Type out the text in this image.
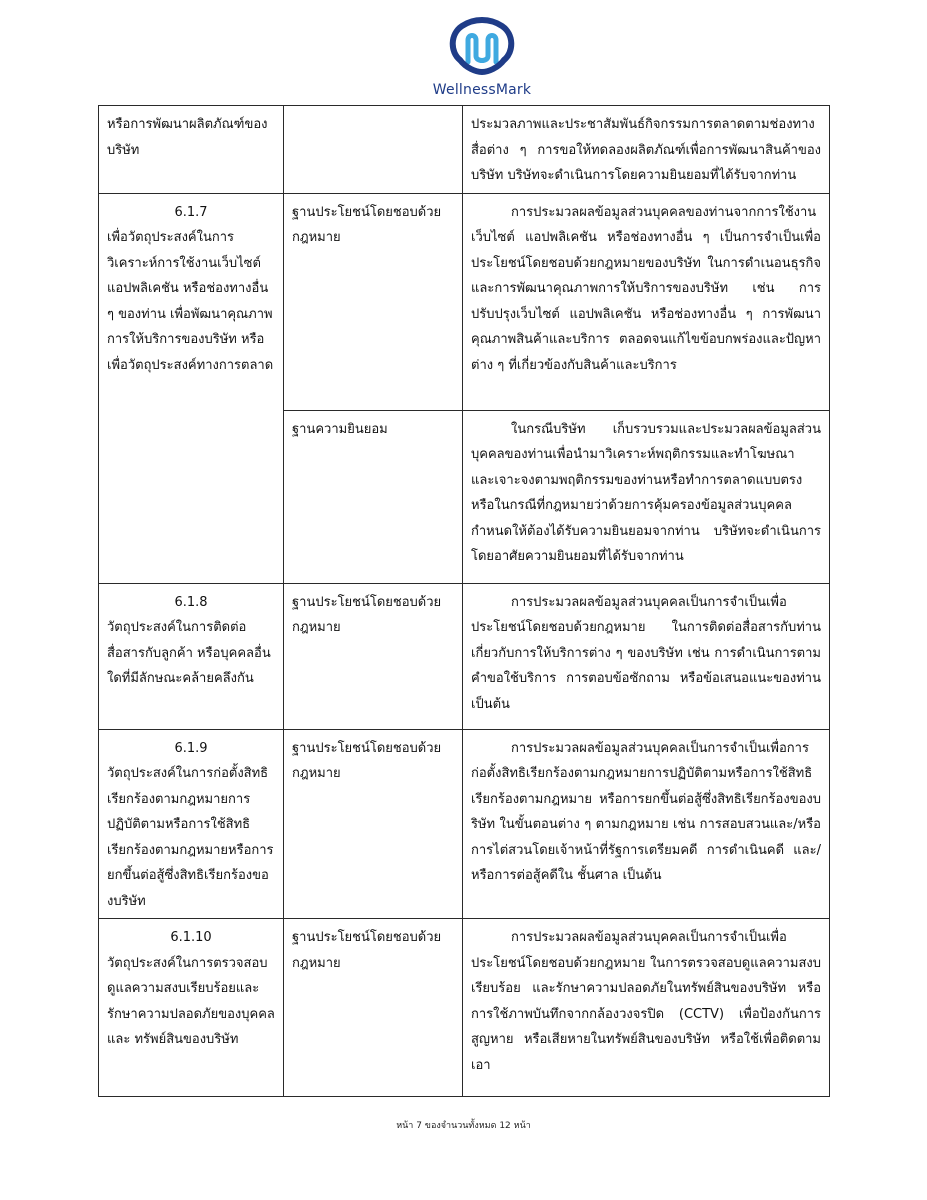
WellnessMark
หรือการพัฒนาผลิตภัณฑ์ของบริษัท		ประมวลภาพและประชาสัมพันธ์กิจกรรมการตลาดตามช่องทางสื่อต่าง ๆ การขอให้ทดลองผลิตภัณฑ์เพื่อการพัฒนาสินค้าของบริษัท บริษัทจะดำเนินการโดยความยินยอมที่ได้รับจากท่าน

6.1.7
เพื่อวัตถุประสงค์ในการวิเคราะห์การใช้งานเว็บไซต์ แอปพลิเคชัน หรือช่องทางอื่น ๆ ของท่าน เพื่อพัฒนาคุณภาพการให้บริการของบริษัท หรือเพื่อวัตถุประสงค์ทางการตลาด	ฐานประโยชน์โดยชอบด้วยกฎหมาย	การประมวลผลข้อมูลส่วนบุคคลของท่านจากการใช้งานเว็บไซต์ แอปพลิเคชัน หรือช่องทางอื่น ๆ เป็นการจำเป็นเพื่อประโยชน์โดยชอบด้วยกฎหมายของบริษัท ในการดำเนอนธุรกิจและการพัฒนาคุณภาพการให้บริการของบริษัท เช่น การปรับปรุงเว็บไซต์ แอปพลิเคชัน หรือช่องทางอื่น ๆ การพัฒนาคุณภาพสินค้าและบริการ ตลอดจนแก้ไขข้อบกพร่องและปัญหาต่าง ๆ ที่เกี่ยวข้องกับสินค้าและบริการ

	ฐานความยินยอม	ในกรณีบริษัท เก็บรวบรวมและประมวลผลข้อมูลส่วนบุคคลของท่านเพื่อนำมาวิเคราะห์พฤติกรรมและทำโฆษณา และเจาะจงตามพฤติกรรมของท่านหรือทำการตลาดแบบตรง หรือในกรณีที่กฎหมายว่าด้วยการคุ้มครองข้อมูลส่วนบุคคลกำหนดให้ต้องได้รับความยินยอมจากท่าน บริษัทจะดำเนินการโดยอาศัยความยินยอมที่ได้รับจากท่าน

6.1.8
วัตถุประสงค์ในการติดต่อสื่อสารกับลูกค้า หรือบุคคลอื่นใดที่มีลักษณะคล้ายคลึงกัน	ฐานประโยชน์โดยชอบด้วยกฎหมาย	การประมวลผลข้อมูลส่วนบุคคลเป็นการจำเป็นเพื่อประโยชน์โดยชอบด้วยกฎหมาย ในการติดต่อสื่อสารกับท่านเกี่ยวกับการให้บริการต่าง ๆ ของบริษัท เช่น การดำเนินการตามคำขอใช้บริการ การตอบข้อซักถาม หรือข้อเสนอแนะของท่าน เป็นต้น

6.1.9
วัตถุประสงค์ในการก่อตั้งสิทธิเรียกร้องตามกฎหมายการปฏิบัติตามหรือการใช้สิทธิเรียกร้องตามกฎหมายหรือการยกขึ้นต่อสู้ซึ่งสิทธิเรียกร้องของบริษัท	ฐานประโยชน์โดยชอบด้วยกฎหมาย	การประมวลผลข้อมูลส่วนบุคคลเป็นการจำเป็นเพื่อการก่อตั้งสิทธิเรียกร้องตามกฎหมายการปฏิบัติตามหรือการใช้สิทธิเรียกร้องตามกฎหมาย หรือการยกขึ้นต่อสู้ซึ่งสิทธิเรียกร้องของบริษัท ในขั้นตอนต่าง ๆ ตามกฎหมาย เช่น การสอบสวนและ/หรือการไต่สวนโดยเจ้าหน้าที่รัฐการเตรียมคดี การดำเนินคดี และ/หรือการต่อสู้คดีใน ชั้นศาล เป็นต้น

6.1.10
วัตถุประสงค์ในการตรวจสอบดูแลความสงบเรียบร้อยและรักษาความปลอดภัยของบุคคลและ ทรัพย์สินของบริษัท	ฐานประโยชน์โดยชอบด้วยกฎหมาย	การประมวลผลข้อมูลส่วนบุคคลเป็นการจำเป็นเพื่อประโยชน์โดยชอบด้วยกฎหมาย ในการตรวจสอบดูแลความสงบเรียบร้อย และรักษาความปลอดภัยในทรัพย์สินของบริษัท หรือการใช้ภาพบันทึกจากกล้องวงจรปิด (CCTV) เพื่อป้องกันการสูญหาย หรือเสียหายในทรัพย์สินของบริษัท หรือใช้เพื่อติดตามเอา
หน้า 7 ของจำนวนทั้งหมด 12 หน้า
